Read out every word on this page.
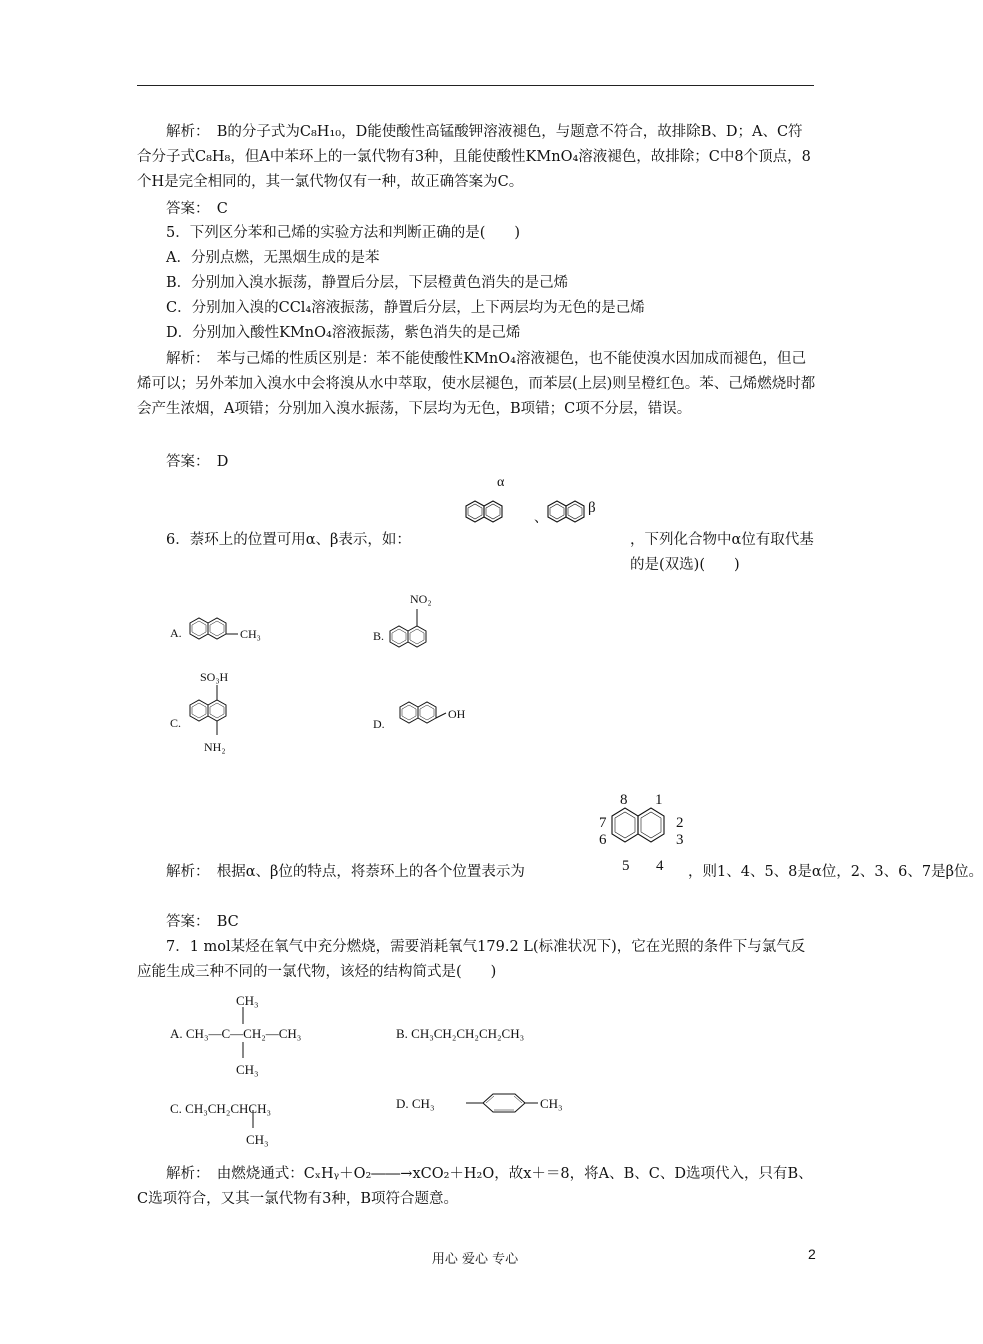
解析：　B的分子式为C₈H₁₀，D能使酸性高锰酸钾溶液褪色，与题意不符合，故排除B、D；A、C符合分子式C₈H₈，但A中苯环上的一氯代物有3种，且能使酸性KMnO₄溶液褪色，故排除；C中8个顶点，8个H是完全相同的，其一氯代物仅有一种，故正确答案为C。

答案：　C

5．下列区分苯和己烯的实验方法和判断正确的是(　　)

A．分别点燃，无黑烟生成的是苯
B．分别加入溴水振荡，静置后分层，下层橙黄色消失的是己烯
C．分别加入溴的CCl₄溶液振荡，静置后分层，上下两层均为无色的是己烯
D．分别加入酸性KMnO₄溶液振荡，紫色消失的是己烯

解析：　苯与己烯的性质区别是：苯不能使酸性KMnO₄溶液褪色，也不能使溴水因加成而褪色，但己烯可以；另外苯加入溴水中会将溴从水中萃取，使水层褪色，而苯层(上层)则呈橙红色。苯、己烯燃烧时都会产生浓烟，A项错；分别加入溴水振荡，下层均为无色，B项错；C项不分层，错误。

答案：　D

α
、
β
6．萘环上的位置可用α、β表示，如：	，下列化合物中α位有取代基的是(双选)(　　)
A.	CH₃	B.
NO₂
C.
SO₃H
NH₂
D.
OH
8 1
7	2
6	3
5 4
解析：　根据α、β位的特点，将萘环上的各个位置表示为	，则1、4、5、8是α位，2、3、6、7是β位。

答案：　BC

7．1 mol某烃在氧气中充分燃烧，需要消耗氧气179.2 L(标准状况下)，它在光照的条件下与氯气反应能生成三种不同的一氯代物，该烃的结构简式是(　　)

CH₃
A. CH₃—C—CH₂—CH₃
CH₃
B. CH₃CH₂CH₂CH₂CH₃
C. CH₃CH₂CHCH₃
CH₃
D. CH₃	CH₃

解析：　由燃烧通式：CₓHᵧ＋O₂――→xCO₂＋H₂O，故x＋＝8，将A、B、C、D选项代入，只有B、C选项符合，又其一氯代物有3种，B项符合题意。

用心 爱心 专心	2
